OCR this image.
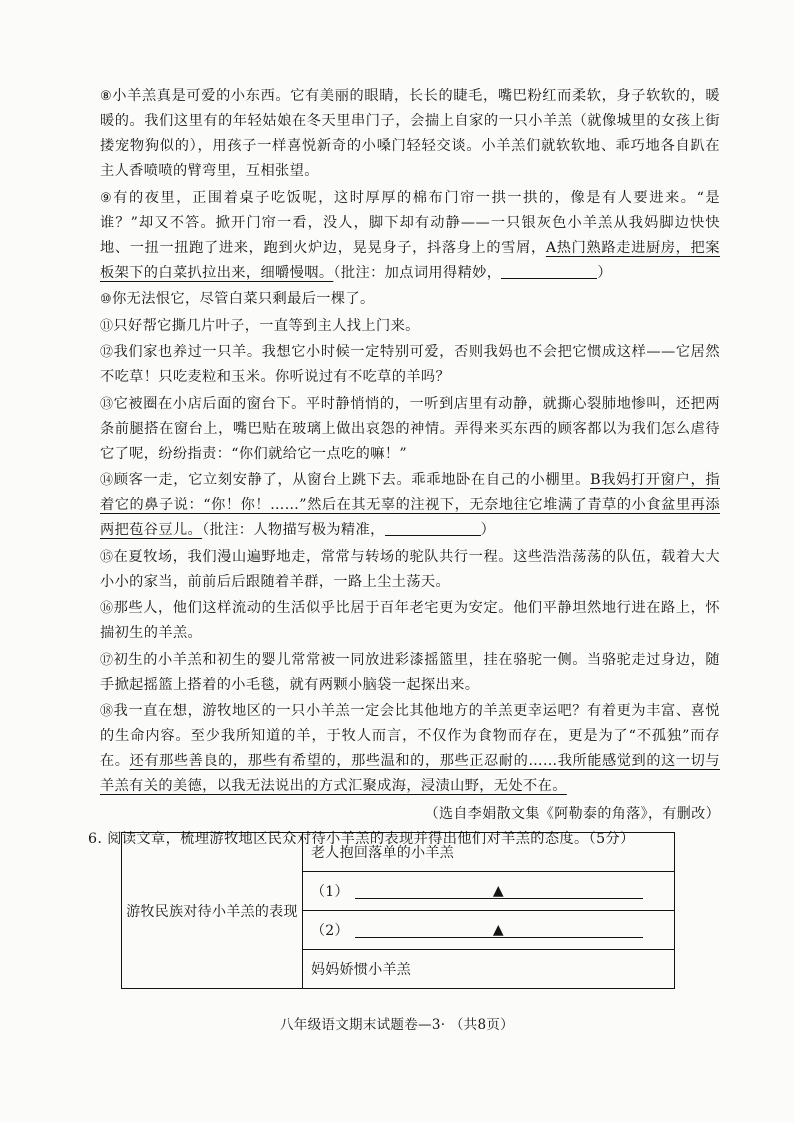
⑧小羊羔真是可爱的小东西。它有美丽的眼睛，长长的睫毛，嘴巴粉红而柔软，身子软软的，暖暖的。我们这里有的年轻姑娘在冬天里串门子，会揣上自家的一只小羊羔（就像城里的女孩上街搂宠物狗似的），用孩子一样喜悦新奇的小嗓门轻轻交谈。小羊羔们就软软地、乖巧地各自趴在主人香喷喷的臂弯里，互相张望。

⑨有的夜里，正围着桌子吃饭呢，这时厚厚的棉布门帘一拱一拱的，像是有人要进来。“是谁？”却又不答。掀开门帘一看，没人，脚下却有动静——一只银灰色小羊羔从我妈脚边快快地、一扭一扭跑了进来，跑到火炉边，晃晃身子，抖落身上的雪屑，A热门熟路走进厨房，把案板架下的白菜扒拉出来，细嚼慢咽。（批注：加点词用得精妙，	）

⑩你无法恨它，尽管白菜只剩最后一棵了。

⑪只好帮它撕几片叶子，一直等到主人找上门来。

⑫我们家也养过一只羊。我想它小时候一定特别可爱，否则我妈也不会把它惯成这样——它居然不吃草！只吃麦粒和玉米。你听说过有不吃草的羊吗？

⑬它被圈在小店后面的窗台下。平时静悄悄的，一听到店里有动静，就撕心裂肺地惨叫，还把两条前腿搭在窗台上，嘴巴贴在玻璃上做出哀怨的神情。弄得来买东西的顾客都以为我们怎么虐待它了呢，纷纷指责：“你们就给它一点吃的嘛！”

⑭顾客一走，它立刻安静了，从窗台上跳下去。乖乖地卧在自己的小棚里。B我妈打开窗户，指着它的鼻子说：“你！你！……”然后在其无辜的注视下，无奈地往它堆满了青草的小食盆里再添两把苞谷豆儿。（批注：人物描写极为精准，	）

⑮在夏牧场，我们漫山遍野地走，常常与转场的驼队共行一程。这些浩浩荡荡的队伍，载着大大小小的家当，前前后后跟随着羊群，一路上尘土荡天。

⑯那些人，他们这样流动的生活似乎比居于百年老宅更为安定。他们平静坦然地行进在路上，怀揣初生的羊羔。

⑰初生的小羊羔和初生的婴儿常常被一同放进彩漆摇篮里，挂在骆驼一侧。当骆驼走过身边，随手掀起摇篮上搭着的小毛毯，就有两颗小脑袋一起探出来。

⑱我一直在想，游牧地区的一只小羊羔一定会比其他地方的羊羔更幸运吧？有着更为丰富、喜悦的生命内容。至少我所知道的羊，于牧人而言，不仅作为食物而存在，更是为了“不孤独”而存在。还有那些善良的，那些有希望的，那些温和的，那些正忍耐的……我所能感觉到的这一切与羊羔有关的美德，以我无法说出的方式汇聚成海，浸渍山野，无处不在。

（选自李娟散文集《阿勒泰的角落》，有删改）
6. 阅读文章，梳理游牧地区民众对待小羊羔的表现并得出他们对羊羔的态度。（5分）
游牧民族对待小羊羔的表现	老人抱回落单的小羊羔
（1）	▲

（2）	▲

妈妈娇惯小羊羔
八年级语文期末试题卷—3· （共8页）
